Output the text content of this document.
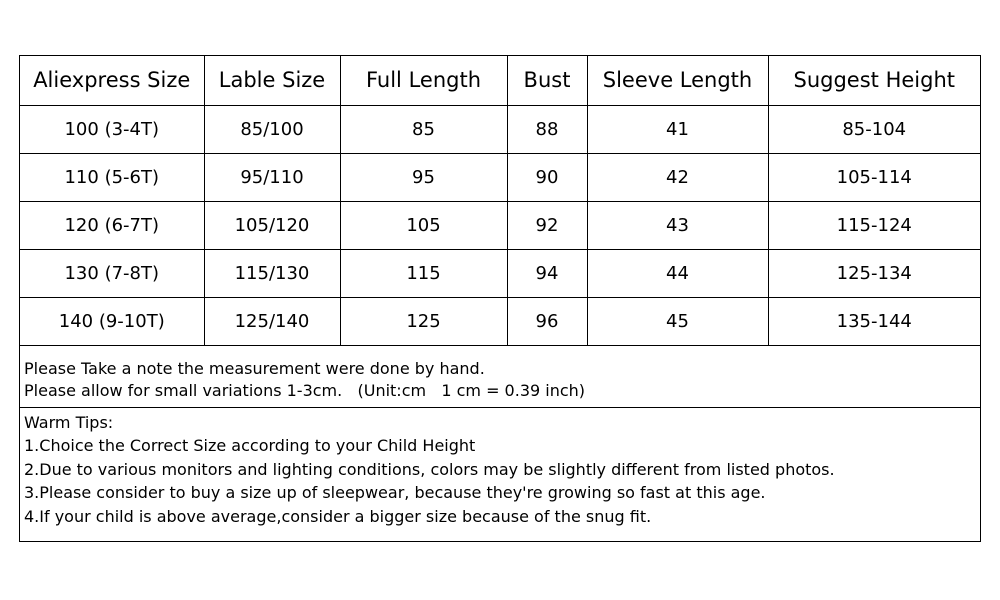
Aliexpress Size	Lable Size	Full Length	Bust	Sleeve Length	Suggest Height
100 (3-4T)	85/100	85	88	41	85-104
110 (5-6T)	95/110	95	90	42	105-114
120 (6-7T)	105/120	105	92	43	115-124
130 (7-8T)	115/130	115	94	44	125-134
140 (9-10T)	125/140	125	96	45	135-144
Please Take a note the measurement were done by hand.
Please allow for small variations 1-3cm.   (Unit:cm   1 cm = 0.39 inch)
Warm Tips:
1.Choice the Correct Size according to your Child Height
2.Due to various monitors and lighting conditions, colors may be slightly different from listed photos.
3.Please consider to buy a size up of sleepwear, because they're growing so fast at this age.
4.If your child is above average,consider a bigger size because of the snug fit.
